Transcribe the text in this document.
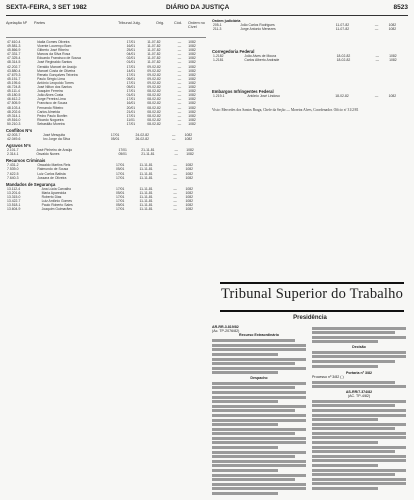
SEXTA-FEIRA, 3 SET 1982	DIÁRIO DA JUSTIÇA	8523
Apelação Nº Partes	Tribunal Julg.	Orig.	Cód. Ordem no Cível
47.610-4	Idalia Gomes Oliveira	17/01	11-07-82	—	1082
49.581-3	Vicente Lourenço Bom	16/01	11-07-82	—	1082
45.866-9	Gilberto José Ribeiro	25/01	11-07-82	—	1082
47.331-7	Marcos da Silva Rosa	04/01	11-07-82	—	1082
47.325-4	Eduardo Francisco de Sousa	02/01	11-07-82	—	1082
48.314-5	José Reginaldo Santos	01/01	11-07-82	—	1082
42.202-7	Geraldo Manoel de Araújo	17/01	09-02-82	—	1082
43.880-4	Manoel Costa de Oliveira	14/01	09-02-82	—	1082
47.679-3	Renato Gonçalves Teixeira	17/01	09-02-82	—	1082
45.151-7	Paulo Sérgio Lima	05/01	09-02-82	—	1082
45.195-6	Antônio Leopoldo Torres	17/01	09-02-82	—	1082
46.724-8	José Nilton dos Santos	05/01	09-02-82	—	1082
45.111-4	Joaquim Ferreira	17/01	08-02-82	—	1082
45.180-5	João Alves Costa	01/01	08-02-82	—	1082
46.612-2	Jorge Pereira Lima	17/01	08-02-82	—	1082
47.505-9	Francisco de Souza	16/01	08-02-82	—	1082
48.103-4	Fernando Ribeiro	20/01	08-02-82	—	1082
48.202-6	Carlos Almeida	21/01	08-02-82	—	1082
49.314-1	Pedro Paulo Bonfim	17/01	08-02-82	—	1082
49.516-0	Ricardo Nogueira	11/01	08-02-82	—	1082
50.210-3	Sebastião Moreira	17/01	08-02-82	—	1082
Conflitos Nºs
42.003-7	José Mesquita	17/01	24-02-82	—	1082
42.049-6	Ivo Jorge da Silva	05/01	26-02-82	—	1082
Agravos Nºs
2.101-7	José Pinheiro de Araújo	17/01	21-11-81	—	1082
2.314-1	Osvaldo Nunes	05/01	21-11-81	—	1082
Recursos Criminais
7.431-2	Oswaldo Martins Reis	17/01	11-11-81	—	1082
7.539-0	Raimundo de Sousa	05/01	11-11-81	—	1082
7.622-5	Luiz Carlos Batista	17/01	11-11-81	—	1082
7.640-3	Jussara de Oliveira	17/01	11-11-81	—	1082
Mandados de Segurança
13.112-4	Ana Lúcia Carvalho	17/01	11-11-81	—	1082
13.201-6	Maria Aparecida	05/01	11-11-81	—	1082
13.315-0	Roberto Dias	17/01	11-11-81	—	1082
13.422-7	Luiz Antônio Gomes	17/01	11-11-81	—	1082
13.518-1	Paulo Roberto Sales	05/01	11-11-81	—	1082
13.604-9	Joaquim Guimarães	17/01	11-11-81	—	1082
Ordem judiciária
205-1	João Carlos Rodrigues	11-07-82	—	1082
211-3	Jorge Antonio Menezes	11-07-82	—	1082
Corregedoria Federal
1-2182	João Alves de Moura	18-02-82	—	1082
1-2181	Carlos Alberto Andrade	18-02-82	—	1082
Embargos Infringentes Federal
1.219-1	Antônio José Lindoso	18-02-82	—	1082
Visto: Mercedes dos Santos Braga, Chefe da Seção — Moreira Alves, Coordenador. Ofício nº 31/2/81
Tribunal Superior do Trabalho
Presidência
AR-RR-3.819/82
(Ac. TP-2076/82)
Recurso Extraordinário
Despacho
Decisão
Portaria nº 3/82
Processo nº 3/82 ( )
AS-RR/7.374/82
(AC. TP-4/82)
